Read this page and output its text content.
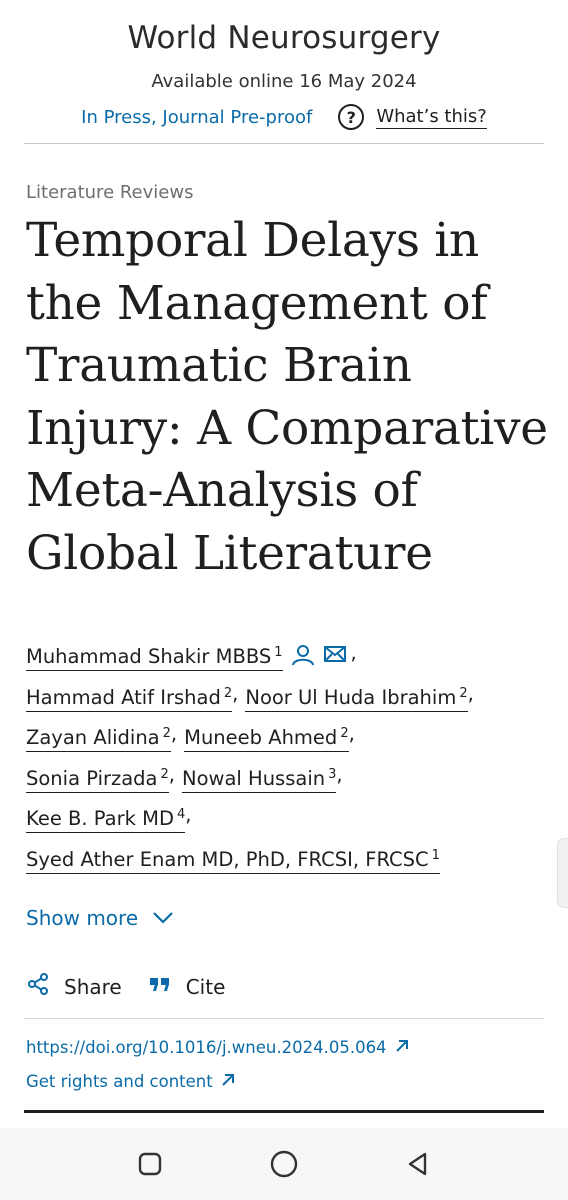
World Neurosurgery
Available online 16 May 2024
In Press, Journal Pre-proof	?	What’s this?
Literature Reviews
Temporal Delays in the Management of Traumatic Brain Injury: A Comparative Meta-Analysis of Global Literature
Muhammad Shakir MBBS $^1$	,
Hammad Atif Irshad $^2$ , Noor Ul Huda Ibrahim $^2$ ,
Zayan Alidina $^2$ , Muneeb Ahmed $^2$ ,
Sonia Pirzada $^2$ , Nowal Hussain $^3$ ,
Kee B. Park MD $^4$ ,
Syed Ather Enam MD, PhD, FRCSI, FRCSC $^1$
Show more
Share	Cite
https://doi.org/10.1016/j.wneu.2024.05.064
Get rights and content
